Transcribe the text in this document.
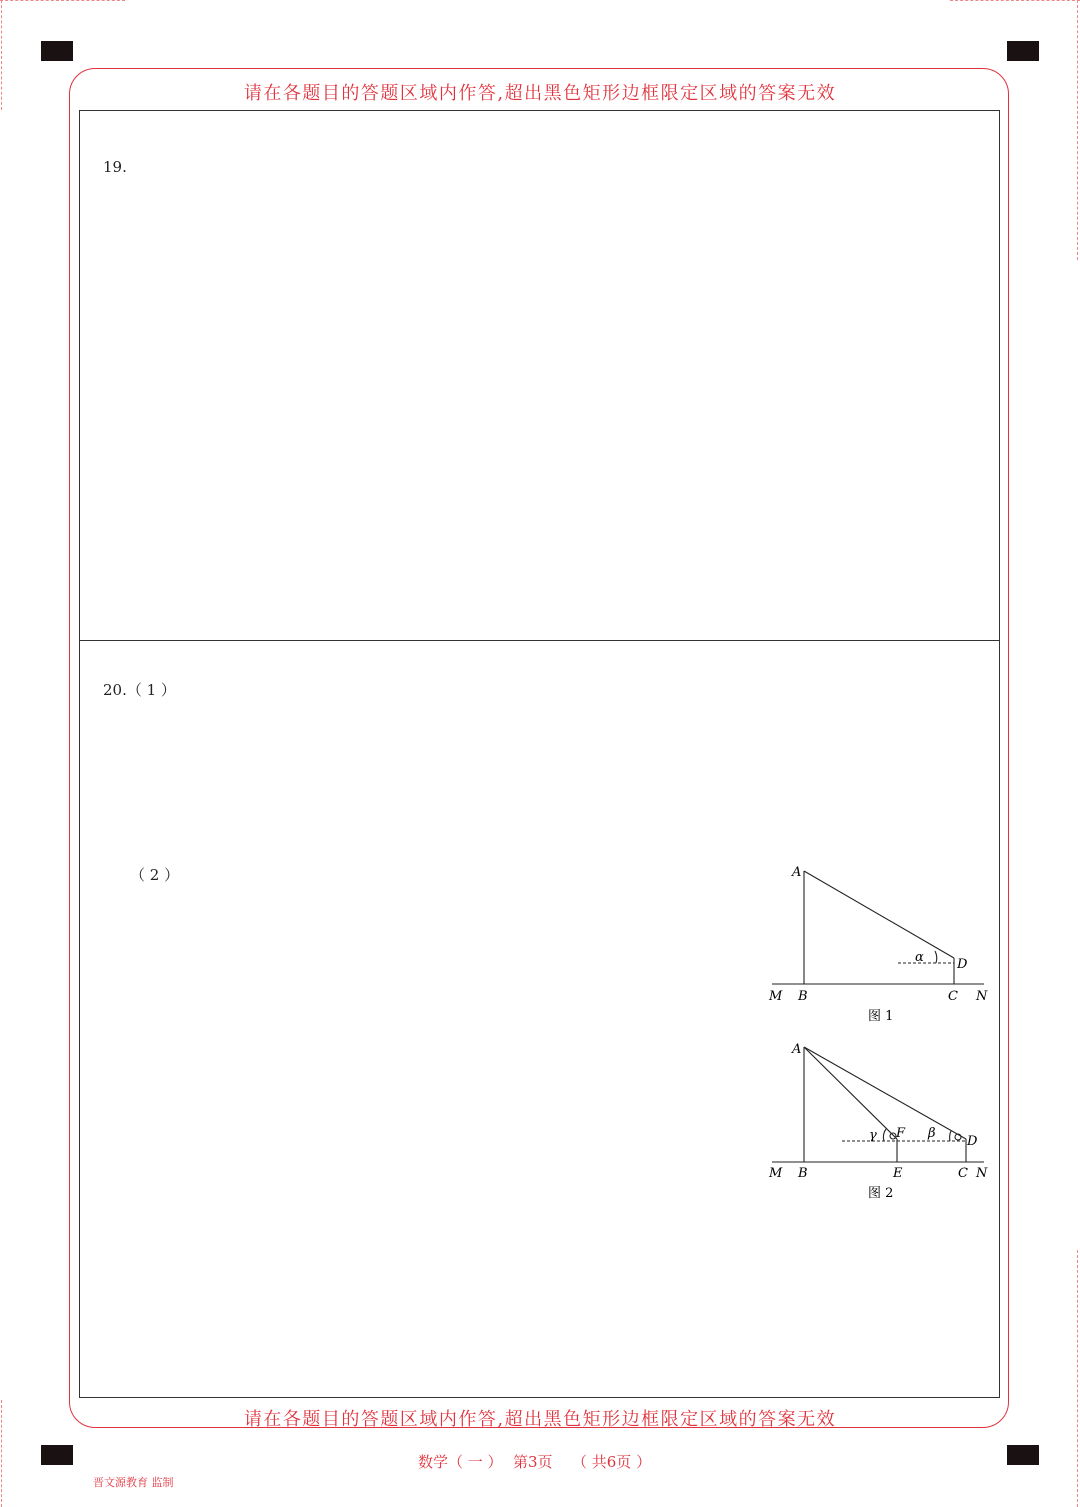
请在各题目的答题区域内作答,超出黑色矩形边框限定区域的答案无效
请在各题目的答题区域内作答,超出黑色矩形边框限定区域的答案无效
19.
20.（ 1 ）
（ 2 ）	A
α	D
M B	C N
图 1
A
γ F β
D
M B	E	C N
图 2
数学（ 一 ） 第3页 （ 共6页 ）
晋文源教育 监制
